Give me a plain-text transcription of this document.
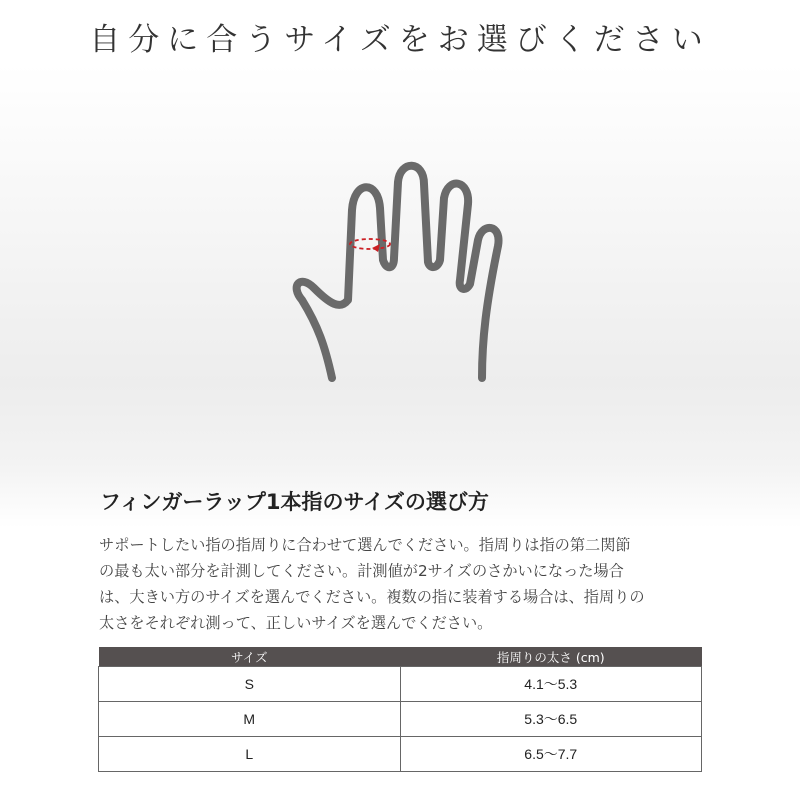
自分に合うサイズをお選びください
フィンガーラップ1本指のサイズの選び方

サポートしたい指の指周りに合わせて選んでください。指周りは指の第二関節
の最も太い部分を計測してください。計測値が2サイズのさかいになった場合
は、大きい方のサイズを選んでください。複数の指に装着する場合は、指周りの
太さをそれぞれ測って、正しいサイズを選んでください。

サイズ	指周りの太さ (cm)
S	4.1〜5.3
M	5.3〜6.5
L	6.5〜7.7
